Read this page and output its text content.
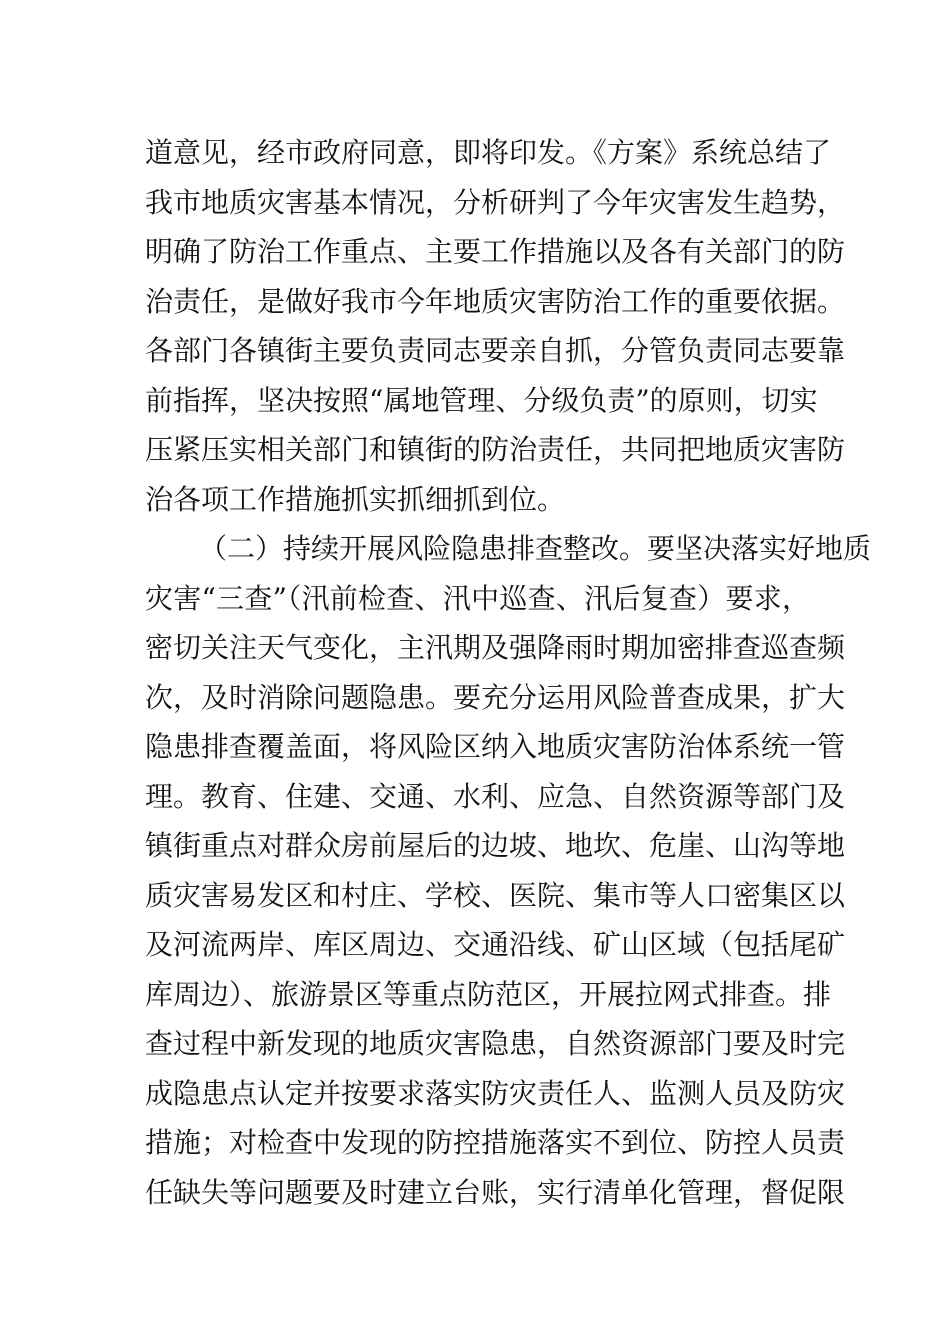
道意见，经市政府同意，即将印发。《方案》系统总结了
我市地质灾害基本情况，分析研判了今年灾害发生趋势，
明确了防治工作重点、主要工作措施以及各有关部门的防
治责任，是做好我市今年地质灾害防治工作的重要依据。
各部门各镇街主要负责同志要亲自抓，分管负责同志要靠
前指挥，坚决按照“属地管理、分级负责”的原则，切实
压紧压实相关部门和镇街的防治责任，共同把地质灾害防
治各项工作措施抓实抓细抓到位。
（二）持续开展风险隐患排查整改。要坚决落实好地质
灾害“三查”（汛前检查、汛中巡查、汛后复查）要求，
密切关注天气变化，主汛期及强降雨时期加密排查巡查频
次，及时消除问题隐患。要充分运用风险普查成果，扩大
隐患排查覆盖面，将风险区纳入地质灾害防治体系统一管
理。教育、住建、交通、水利、应急、自然资源等部门及
镇街重点对群众房前屋后的边坡、地坎、危崖、山沟等地
质灾害易发区和村庄、学校、医院、集市等人口密集区以
及河流两岸、库区周边、交通沿线、矿山区域（包括尾矿
库周边）、旅游景区等重点防范区，开展拉网式排查。排
查过程中新发现的地质灾害隐患，自然资源部门要及时完
成隐患点认定并按要求落实防灾责任人、监测人员及防灾
措施；对检查中发现的防控措施落实不到位、防控人员责
任缺失等问题要及时建立台账，实行清单化管理，督促限
